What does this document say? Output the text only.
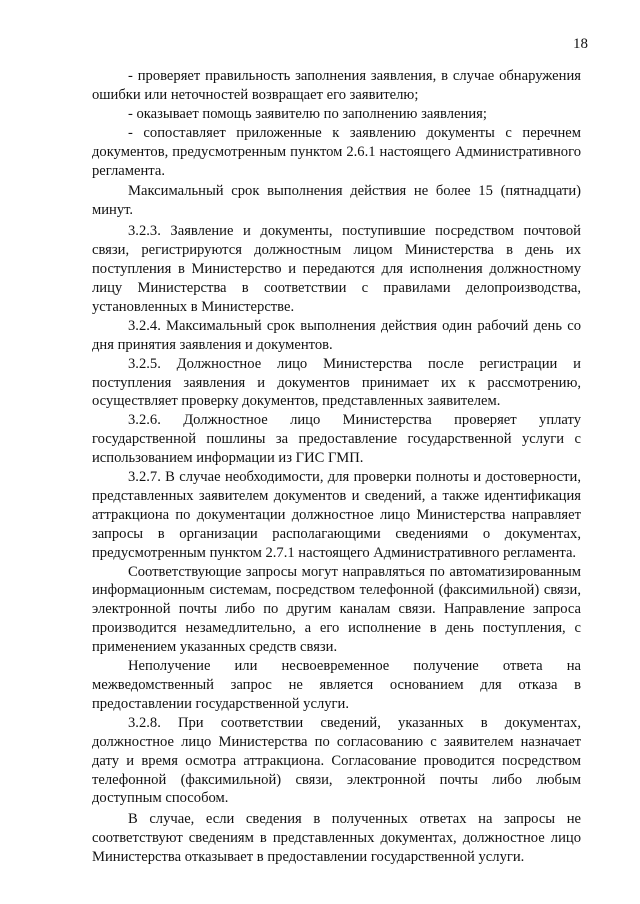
18

- проверяет правильность заполнения заявления, в случае обнаружения ошибки или неточностей возвращает его заявителю;

- оказывает помощь заявителю по заполнению заявления;

- сопоставляет приложенные к заявлению документы с перечнем документов, предусмотренным пунктом 2.6.1 настоящего Административного регламента.

Максимальный срок выполнения действия не более 15 (пятнадцати) минут.

3.2.3. Заявление и документы, поступившие посредством почтовой связи, регистрируются должностным лицом Министерства в день их поступления в Министерство и передаются для исполнения должностному лицу Министерства в соответствии с правилами делопроизводства, установленных в Министерстве.

3.2.4. Максимальный срок выполнения действия один рабочий день со дня принятия заявления и документов.

3.2.5. Должностное лицо Министерства после регистрации и поступления заявления и документов принимает их к рассмотрению, осуществляет проверку документов, представленных заявителем.

3.2.6. Должностное лицо Министерства проверяет уплату государственной пошлины за предоставление государственной услуги с использованием информации из ГИС ГМП.

3.2.7. В случае необходимости, для проверки полноты и достоверности, представленных заявителем документов и сведений, а также идентификация аттракциона по документации должностное лицо Министерства направляет запросы в организации располагающими сведениями о документах, предусмотренным пунктом 2.7.1 настоящего Административного регламента.

Соответствующие запросы могут направляться по автоматизированным информационным системам, посредством телефонной (факсимильной) связи, электронной почты либо по другим каналам связи. Направление запроса производится незамедлительно, а его исполнение в день поступления, с применением указанных средств связи.

Неполучение или несвоевременное получение ответа на межведомственный запрос не является основанием для отказа в предоставлении государственной услуги.

3.2.8. При соответствии сведений, указанных в документах, должностное лицо Министерства по согласованию с заявителем назначает дату и время осмотра аттракциона. Согласование проводится посредством телефонной (факсимильной) связи, электронной почты либо любым доступным способом.

В случае, если сведения в полученных ответах на запросы не соответствуют сведениям в представленных документах, должностное лицо Министерства отказывает в предоставлении государственной услуги.
